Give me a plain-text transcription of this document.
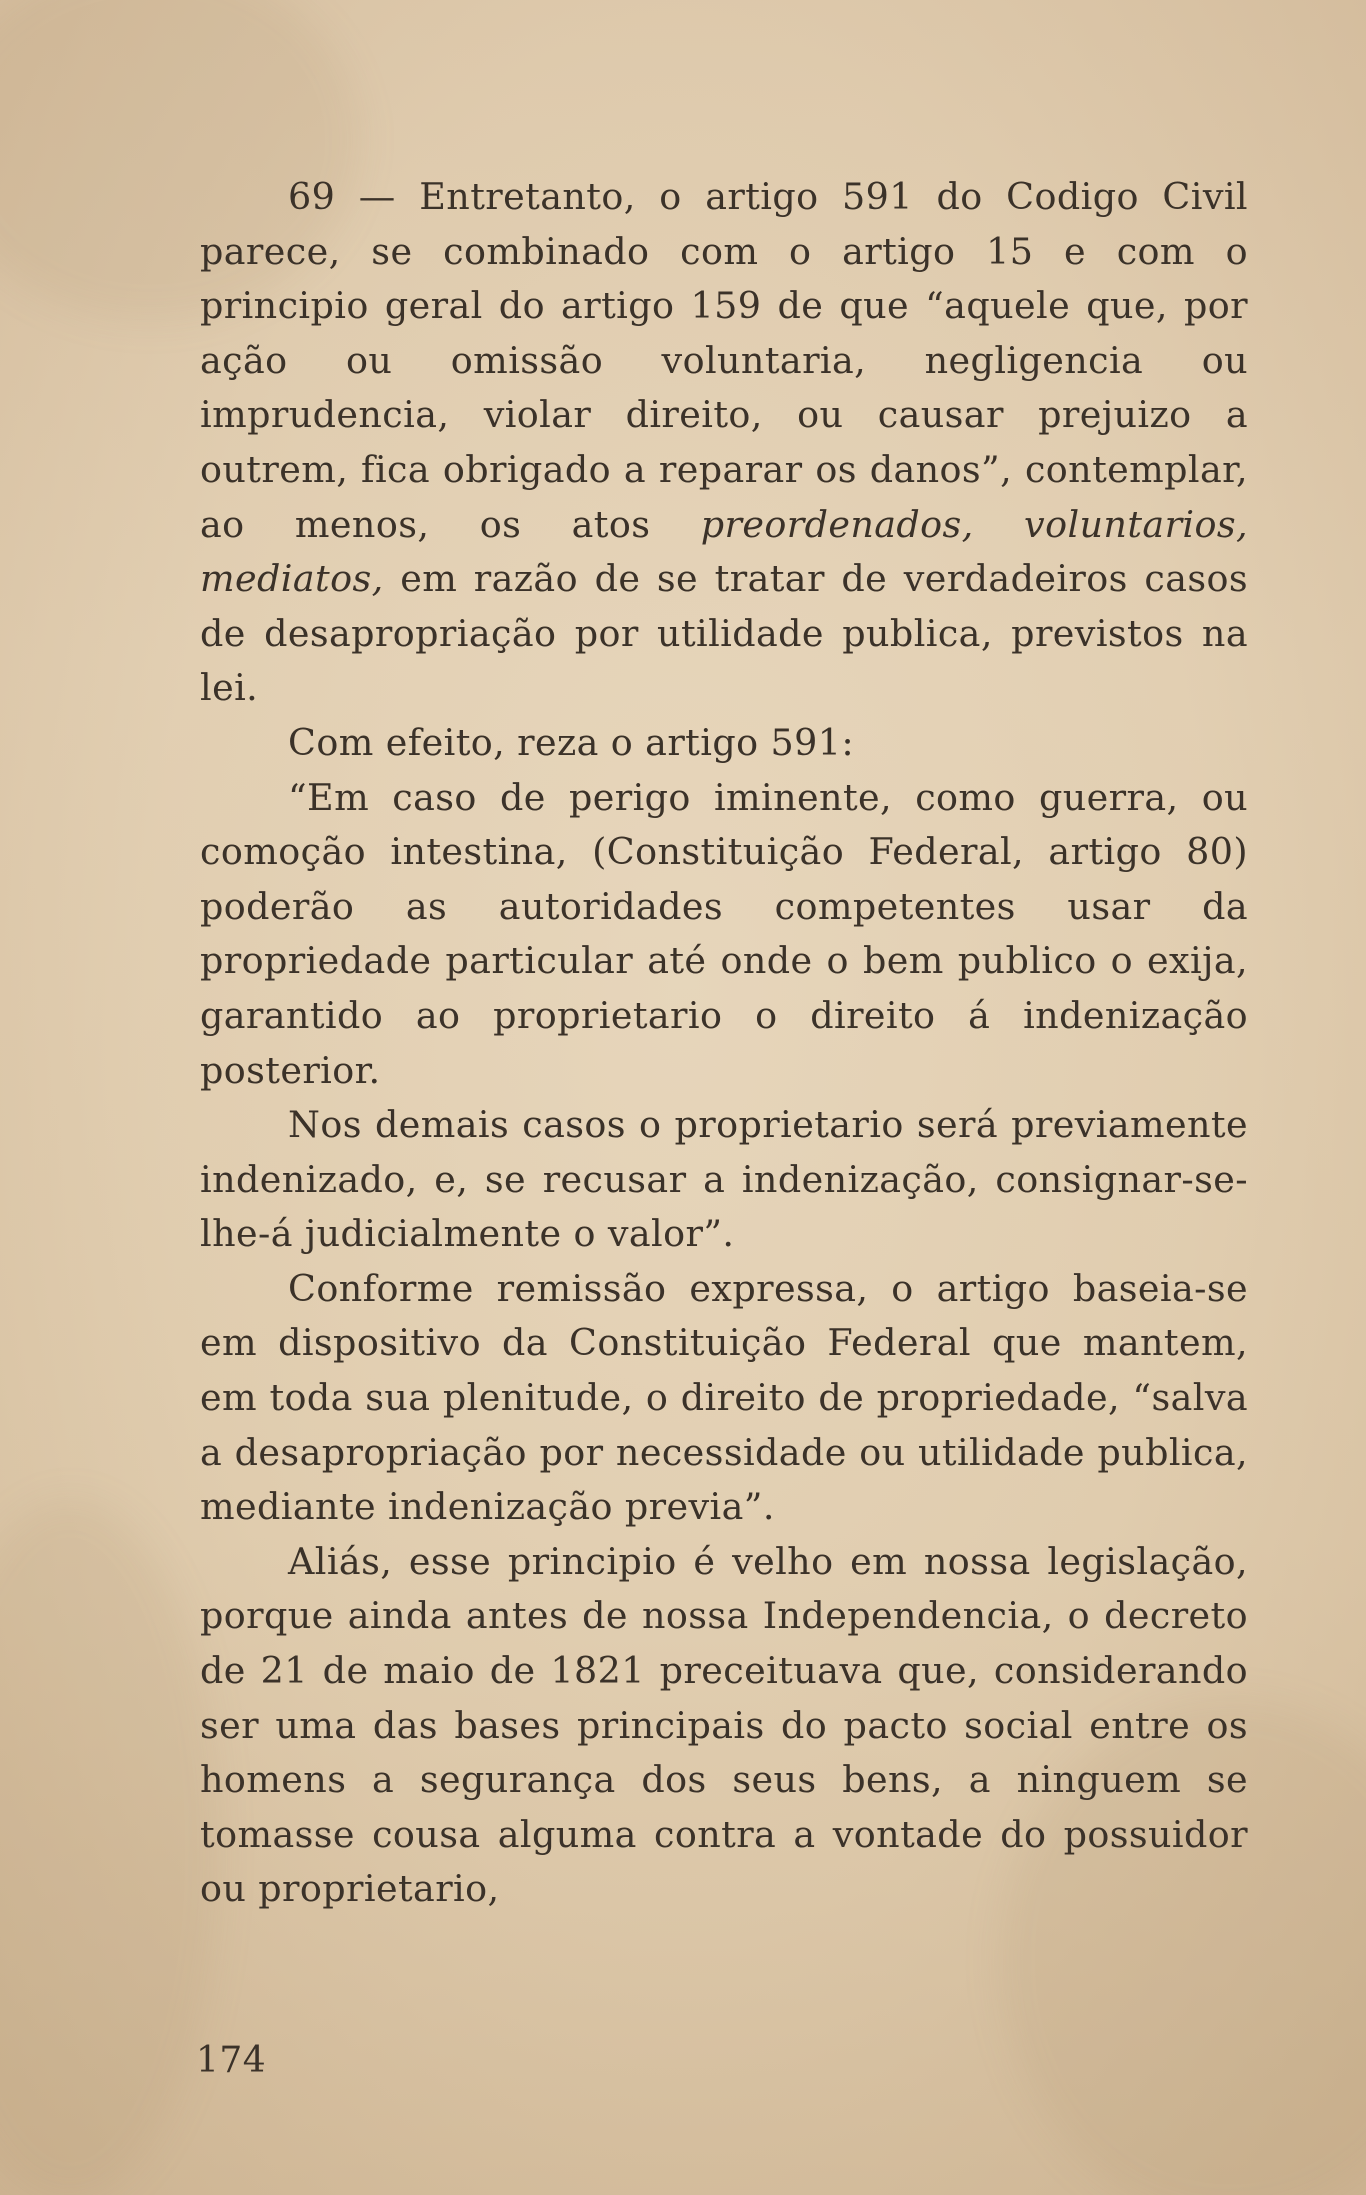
69 — Entretanto, o artigo 591 do Codigo Civil parece, se combinado com o artigo 15 e com o principio geral do artigo 159 de que “aquele que, por ação ou omissão voluntaria, negligencia ou imprudencia, violar direito, ou causar prejuizo a outrem, fica obrigado a reparar os danos”, contemplar, ao menos, os atos preordenados, voluntarios, mediatos, em razão de se tratar de verdadeiros casos de desapropriação por utilidade publica, previstos na lei.

Com efeito, reza o artigo 591:

“Em caso de perigo iminente, como guerra, ou comoção intestina, (Constituição Federal, artigo 80) poderão as autoridades competentes usar da propriedade particular até onde o bem publico o exija, garantido ao proprietario o direito á indenização posterior.

Nos demais casos o proprietario será previamente indenizado, e, se recusar a indenização, consignar-se-lhe-á judicialmente o valor”.

Conforme remissão expressa, o artigo baseia-se em dispositivo da Constituição Federal que mantem, em toda sua plenitude, o direito de propriedade, “salva a desapropriação por necessidade ou utilidade publica, mediante indenização previa”.

Aliás, esse principio é velho em nossa legislação, porque ainda antes de nossa Independencia, o decreto de 21 de maio de 1821 preceituava que, considerando ser uma das bases principais do pacto social entre os homens a segurança dos seus bens, a ninguem se tomasse cousa alguma contra a vontade do possuidor ou proprietario,

174
